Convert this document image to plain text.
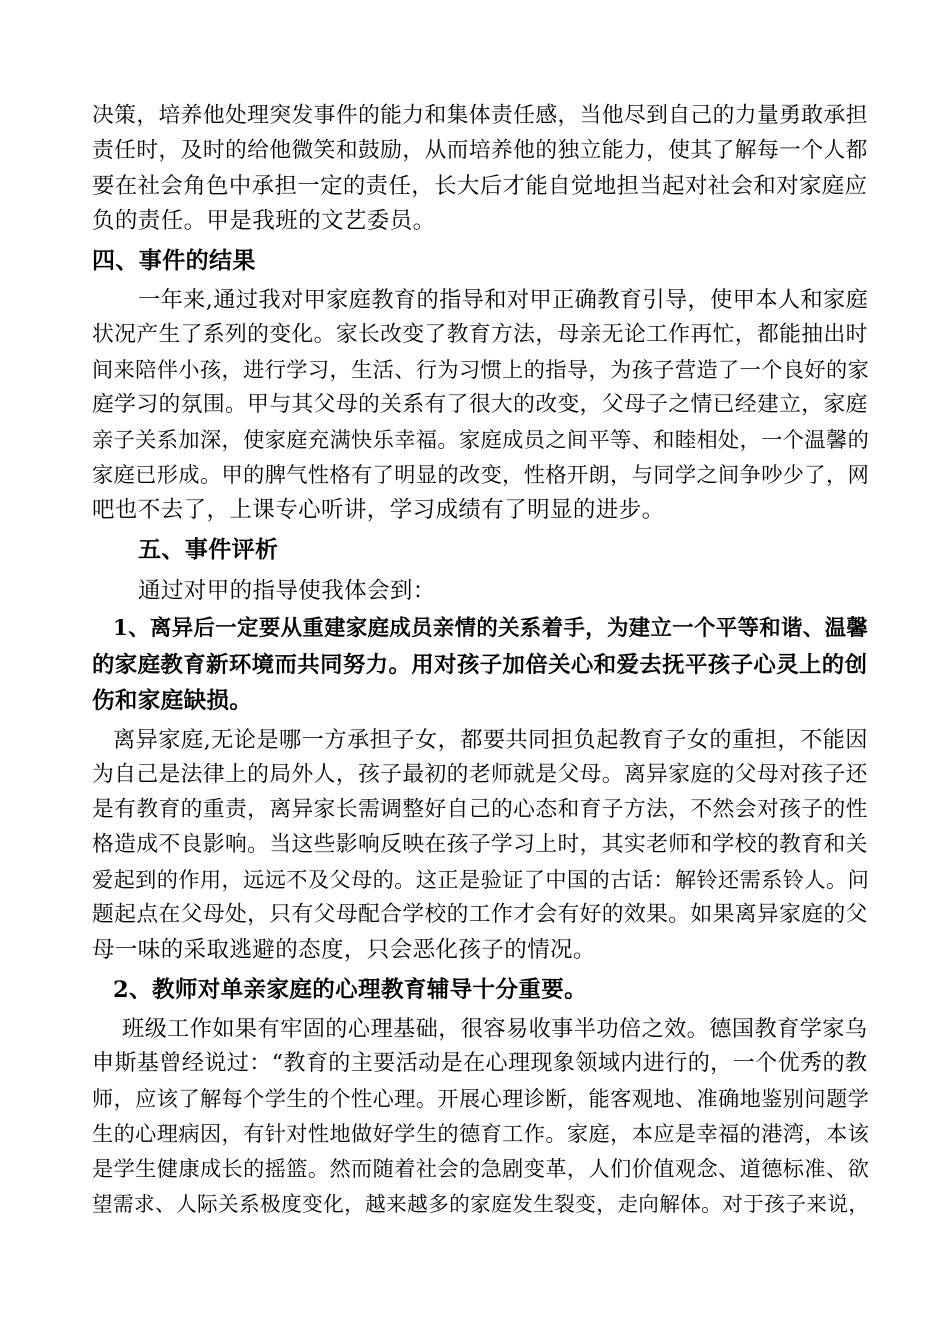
决策，培养他处理突发事件的能力和集体责任感，当他尽到自己的力量勇敢承担

责任时，及时的给他微笑和鼓励，从而培养他的独立能力，使其了解每一个人都

要在社会角色中承担一定的责任，长大后才能自觉地担当起对社会和对家庭应

负的责任。甲是我班的文艺委员。

四、事件的结果

一年来,通过我对甲家庭教育的指导和对甲正确教育引导，使甲本人和家庭

状况产生了系列的变化。家长改变了教育方法，母亲无论工作再忙，都能抽出时

间来陪伴小孩，进行学习，生活、行为习惯上的指导，为孩子营造了一个良好的家

庭学习的氛围。甲与其父母的关系有了很大的改变，父母子之情已经建立，家庭

亲子关系加深，使家庭充满快乐幸福。家庭成员之间平等、和睦相处，一个温馨的

家庭已形成。甲的脾气性格有了明显的改变，性格开朗，与同学之间争吵少了，网

吧也不去了，上课专心听讲，学习成绩有了明显的进步。

五、事件评析

通过对甲的指导使我体会到：

1、离异后一定要从重建家庭成员亲情的关系着手，为建立一个平等和谐、温馨

的家庭教育新环境而共同努力。用对孩子加倍关心和爱去抚平孩子心灵上的创

伤和家庭缺损。

离异家庭,无论是哪一方承担子女，都要共同担负起教育子女的重担，不能因

为自己是法律上的局外人，孩子最初的老师就是父母。离异家庭的父母对孩子还

是有教育的重责，离异家长需调整好自己的心态和育子方法，不然会对孩子的性

格造成不良影响。当这些影响反映在孩子学习上时，其实老师和学校的教育和关

爱起到的作用，远远不及父母的。这正是验证了中国的古话：解铃还需系铃人。问

题起点在父母处，只有父母配合学校的工作才会有好的效果。如果离异家庭的父

母一味的采取逃避的态度，只会恶化孩子的情况。

2、教师对单亲家庭的心理教育辅导十分重要。

班级工作如果有牢固的心理基础，很容易收事半功倍之效。德国教育学家乌

申斯基曾经说过：“教育的主要活动是在心理现象领域内进行的，一个优秀的教

师，应该了解每个学生的个性心理。开展心理诊断，能客观地、准确地鉴别问题学

生的心理病因，有针对性地做好学生的德育工作。家庭，本应是幸福的港湾，本该

是学生健康成长的摇篮。然而随着社会的急剧变革，人们价值观念、道德标准、欲

望需求、人际关系极度变化，越来越多的家庭发生裂变，走向解体。对于孩子来说，
